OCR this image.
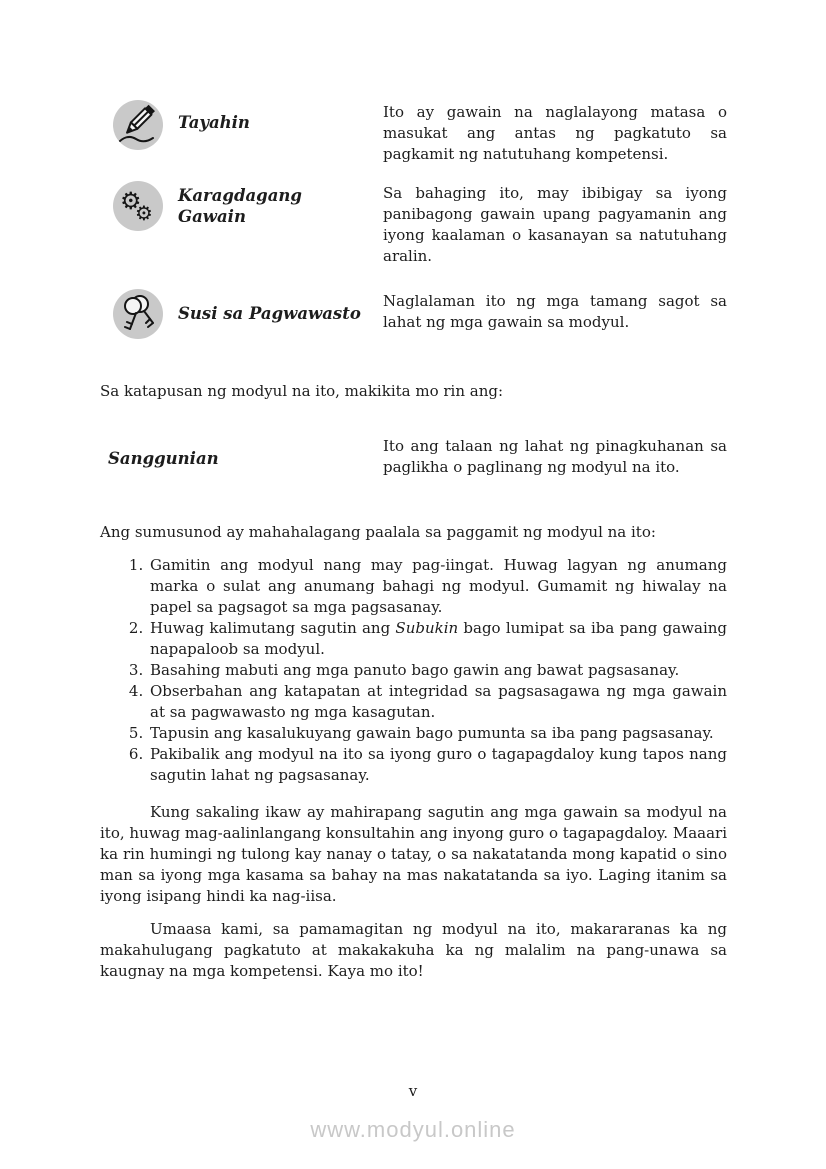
Tayahin
Ito ay gawain na naglalayong matasa o masukat ang antas ng pagkatuto sa pagkamit ng natutuhang kompetensi.
⚙
⚙
Karagdagang Gawain
Sa bahaging ito, may ibibigay sa iyong panibagong gawain upang pagyamanin ang iyong kaalaman o kasanayan sa natutuhang aralin.
Susi sa Pagwawasto
Naglalaman ito ng mga tamang sagot sa lahat ng mga gawain sa modyul.

Sa katapusan ng modyul na ito, makikita mo rin ang:

Sanggunian
Ito ang talaan ng lahat ng pinagkuhanan sa paglikha o paglinang ng modyul na ito.

Ang sumusunod ay mahahalagang paalala sa paggamit ng modyul na ito:

1. Gamitin ang modyul nang may pag-iingat. Huwag lagyan ng anumang marka o sulat ang anumang bahagi ng modyul. Gumamit ng hiwalay na papel sa pagsagot sa mga pagsasanay.
2. Huwag kalimutang sagutin ang Subukin bago lumipat sa iba pang gawaing napapaloob sa modyul.
3. Basahing mabuti ang mga panuto bago gawin ang bawat pagsasanay.
4. Obserbahan ang katapatan at integridad sa pagsasagawa ng mga gawain at sa pagwawasto ng mga kasagutan.
5. Tapusin ang kasalukuyang gawain bago pumunta sa iba pang pagsasanay.
6. Pakibalik ang modyul na ito sa iyong guro o tagapagdaloy kung tapos nang sagutin lahat ng pagsasanay.

Kung sakaling ikaw ay mahirapang sagutin ang mga gawain sa modyul na ito, huwag mag-aalinlangang konsultahin ang inyong guro o tagapagdaloy. Maaari ka rin humingi ng tulong kay nanay o tatay, o sa nakatatanda mong kapatid o sino man sa iyong mga kasama sa bahay na mas nakatatanda sa iyo. Laging itanim sa iyong isipang hindi ka nag-iisa.

Umaasa kami, sa pamamagitan ng modyul na ito, makararanas ka ng makahulugang pagkatuto at makakakuha ka ng malalim na pang-unawa sa kaugnay na mga kompetensi. Kaya mo ito!

v
www.modyul.online
